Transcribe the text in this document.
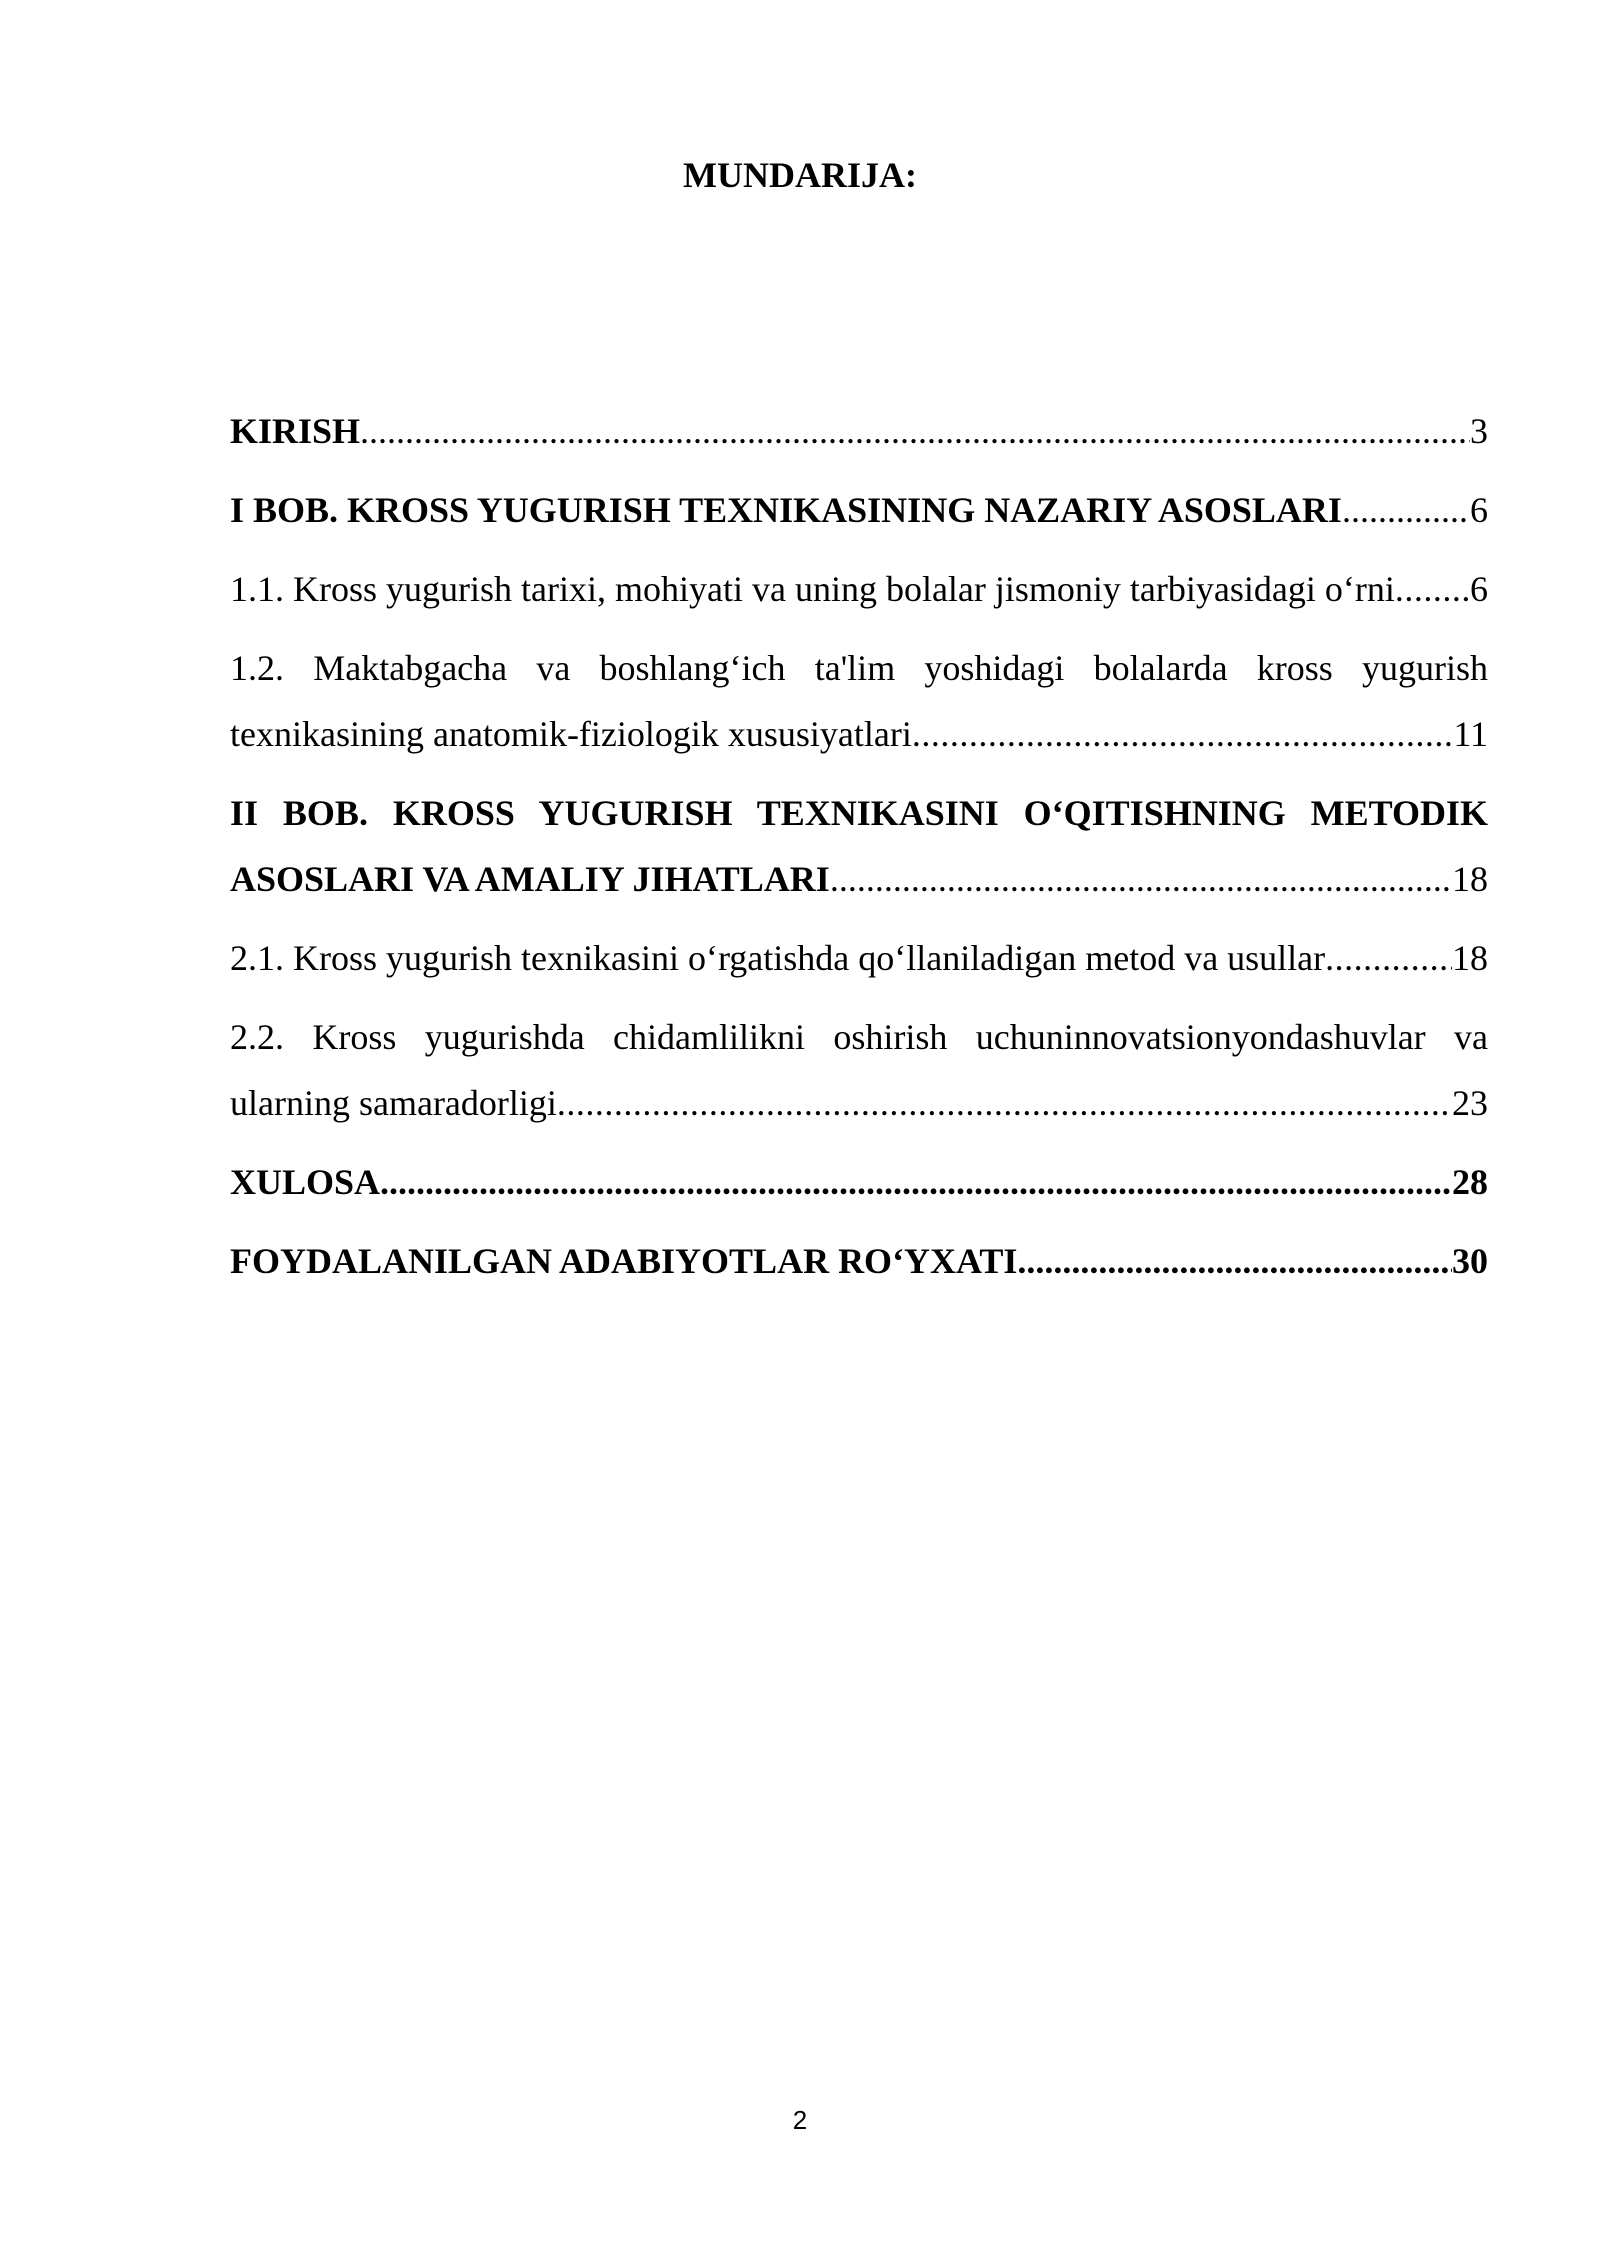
MUNDARIJA:
KIRISH .....	3
I BOB. KROSS YUGURISH TEXNIKASINING NAZARIY ASOSLARI .....	6
1.1. Kross yugurish tarixi, mohiyati va uning bolalar jismoniy tarbiyasidagi o‘rni ..... 6
1.2. Maktabgacha va boshlang‘ich ta'lim yoshidagi bolalarda kross yugurish
texnikasining anatomik-fiziologik xususiyatlari .....	11
II BOB. KROSS YUGURISH TEXNIKASINI O‘QITISHNING METODIK
ASOSLARI VA AMALIY JIHATLARI .....	18
2.1. Kross yugurish texnikasini o‘rgatishda qo‘llaniladigan metod va usullar .....	18
2.2. Kross yugurishda chidamlilikni oshirish uchuninnovatsionyondashuvlar va
ularning samaradorligi .....	23
XULOSA .....	28
FOYDALANILGAN ADABIYOTLAR RO‘YXATI .....	30
2
